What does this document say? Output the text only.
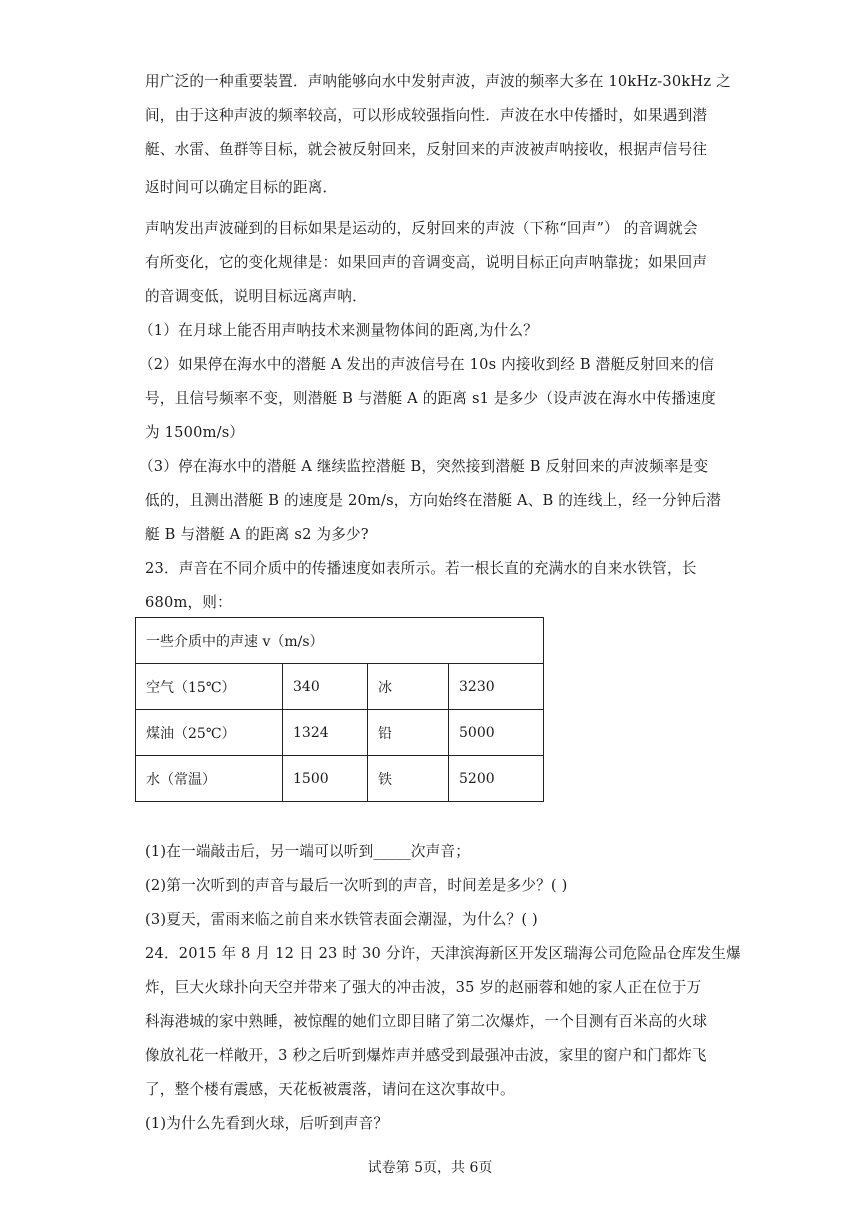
用广泛的一种重要装置．声呐能够向水中发射声波，声波的频率大多在 10kHz-30kHz 之
间，由于这种声波的频率较高，可以形成较强指向性．声波在水中传播时，如果遇到潜
艇、水雷、鱼群等目标，就会被反射回来，反射回来的声波被声呐接收，根据声信号往
返时间可以确定目标的距离．
声呐发出声波碰到的目标如果是运动的，反射回来的声波（下称“回声”） 的音调就会
有所变化，它的变化规律是：如果回声的音调变高，说明目标正向声呐靠拢；如果回声
的音调变低，说明目标远离声呐．
（1）在月球上能否用声呐技术来测量物体间的距离,为什么？
（2）如果停在海水中的潜艇 A 发出的声波信号在 10s 内接收到经 B 潜艇反射回来的信
号，且信号频率不变，则潜艇 B 与潜艇 A 的距离 s1 是多少（设声波在海水中传播速度
为 1500m/s）
（3）停在海水中的潜艇 A 继续监控潜艇 B，突然接到潜艇 B 反射回来的声波频率是变
低的，且测出潜艇 B 的速度是 20m/s，方向始终在潜艇 A、B 的连线上，经一分钟后潜
艇 B 与潜艇 A 的距离 s2 为多少?
23．声音在不同介质中的传播速度如表所示。若一根长直的充满水的自来水铁管，长
680m，则：
一些介质中的声速 v（m/s）			
空气（15℃）	340	冰	3230
煤油（25℃）	1324	铅	5000
水（常温）	1500	铁	5200
(1)在一端敲击后，另一端可以听到_____次声音；
(2)第一次听到的声音与最后一次听到的声音，时间差是多少？( )
(3)夏天，雷雨来临之前自来水铁管表面会潮湿，为什么？( )
24．2015 年 8 月 12 日 23 时 30 分许，天津滨海新区开发区瑞海公司危险品仓库发生爆
炸，巨大火球扑向天空并带来了强大的冲击波，35 岁的赵丽蓉和她的家人正在位于万
科海港城的家中熟睡，被惊醒的她们立即目睹了第二次爆炸，一个目测有百米高的火球
像放礼花一样敞开，3 秒之后听到爆炸声并感受到最强冲击波，家里的窗户和门都炸飞
了，整个楼有震感，天花板被震落，请问在这次事故中。
(1)为什么先看到火球，后听到声音？
试卷第 5页，共 6页
